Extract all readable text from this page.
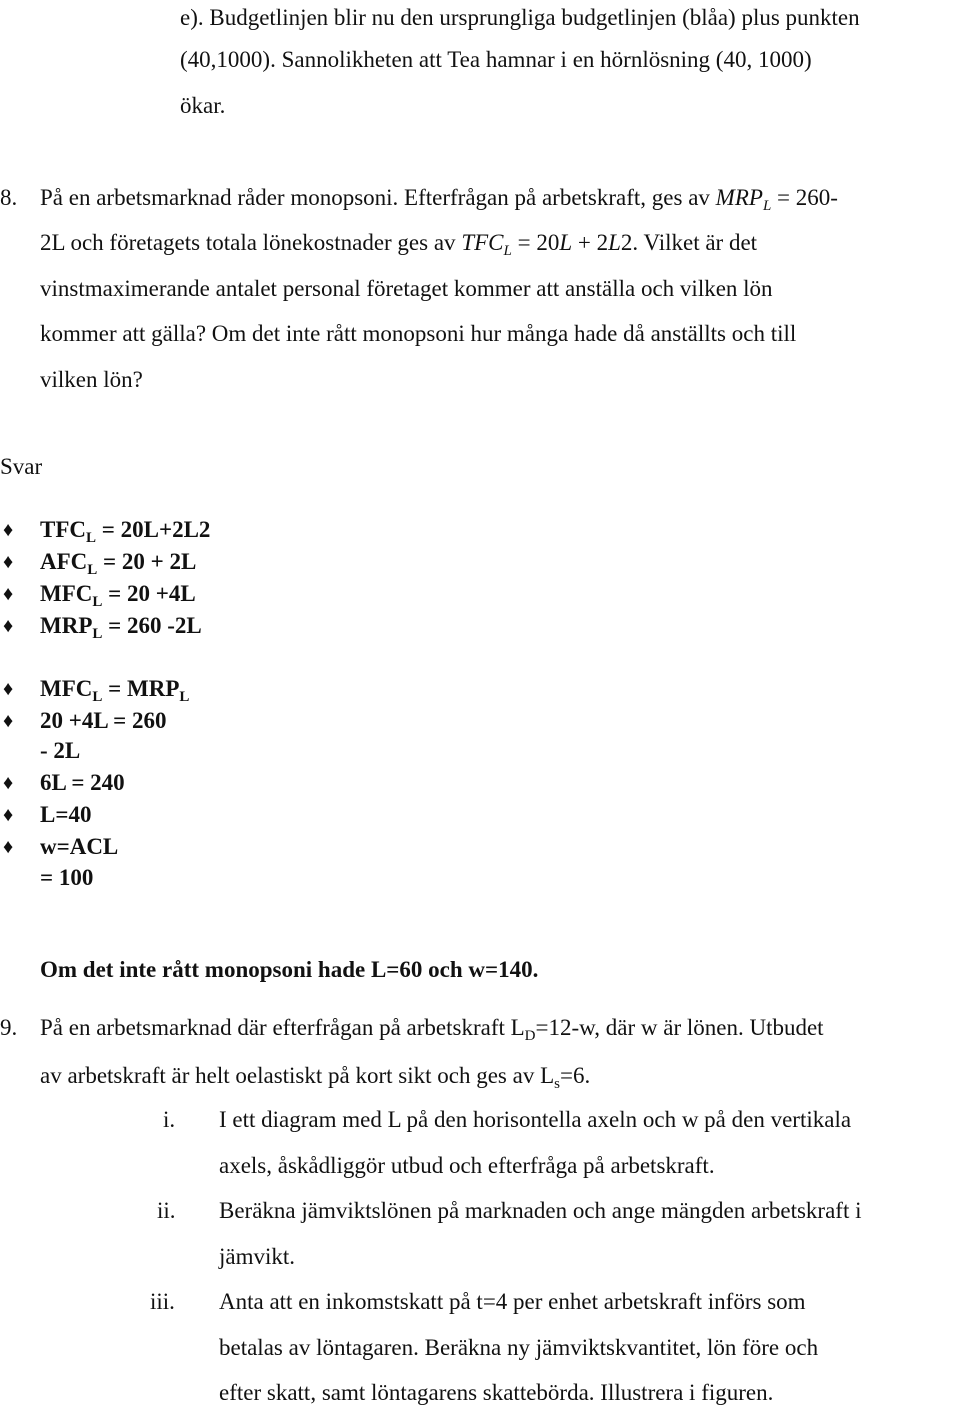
e). Budgetlinjen blir nu den ursprungliga budgetlinjen (blåa) plus punkten
(40,1000). Sannolikheten att Tea hamnar i en hörnlösning (40, 1000)
ökar.
8. På en arbetsmarknad råder monopsoni. Efterfrågan på arbetskraft, ges av $MRP_L = 260-$
2L och företagets totala lönekostnader ges av $TFC_L = 20L + 2L2$. Vilket är det
vinstmaximerande antalet personal företaget kommer att anställa och vilken lön
kommer att gälla? Om det inte rått monopsoni hur många hade då anställts och till
vilken lön?
Svar
♦ $TFC_L = 20L+2L2$
♦ $AFC_L = 20 + 2L$
♦ $MFC_L = 20 +4L$
♦ $MRP_L = 260$ -2L
♦ $MFC_L = MRP_L$
♦ 20 +4L = 260
- 2L
♦ 6L = 240
♦ L=40
♦ w=ACL
= 100
Om det inte rått monopsoni hade L=60 och w=140.
9. På en arbetsmarknad där efterfrågan på arbetskraft $L_D=12-w$, där w är lönen. Utbudet
av arbetskraft är helt oelastiskt på kort sikt och ges av $L_s=6$.
i. I ett diagram med L på den horisontella axeln och w på den vertikala
axels, åskådliggör utbud och efterfråga på arbetskraft.
ii. Beräkna jämviktslönen på marknaden och ange mängden arbetskraft i
jämvikt.
iii. Anta att en inkomstskatt på t=4 per enhet arbetskraft införs som
betalas av löntagaren. Beräkna ny jämviktskvantitet, lön före och
efter skatt, samt löntagarens skattebörda. Illustrera i figuren.
